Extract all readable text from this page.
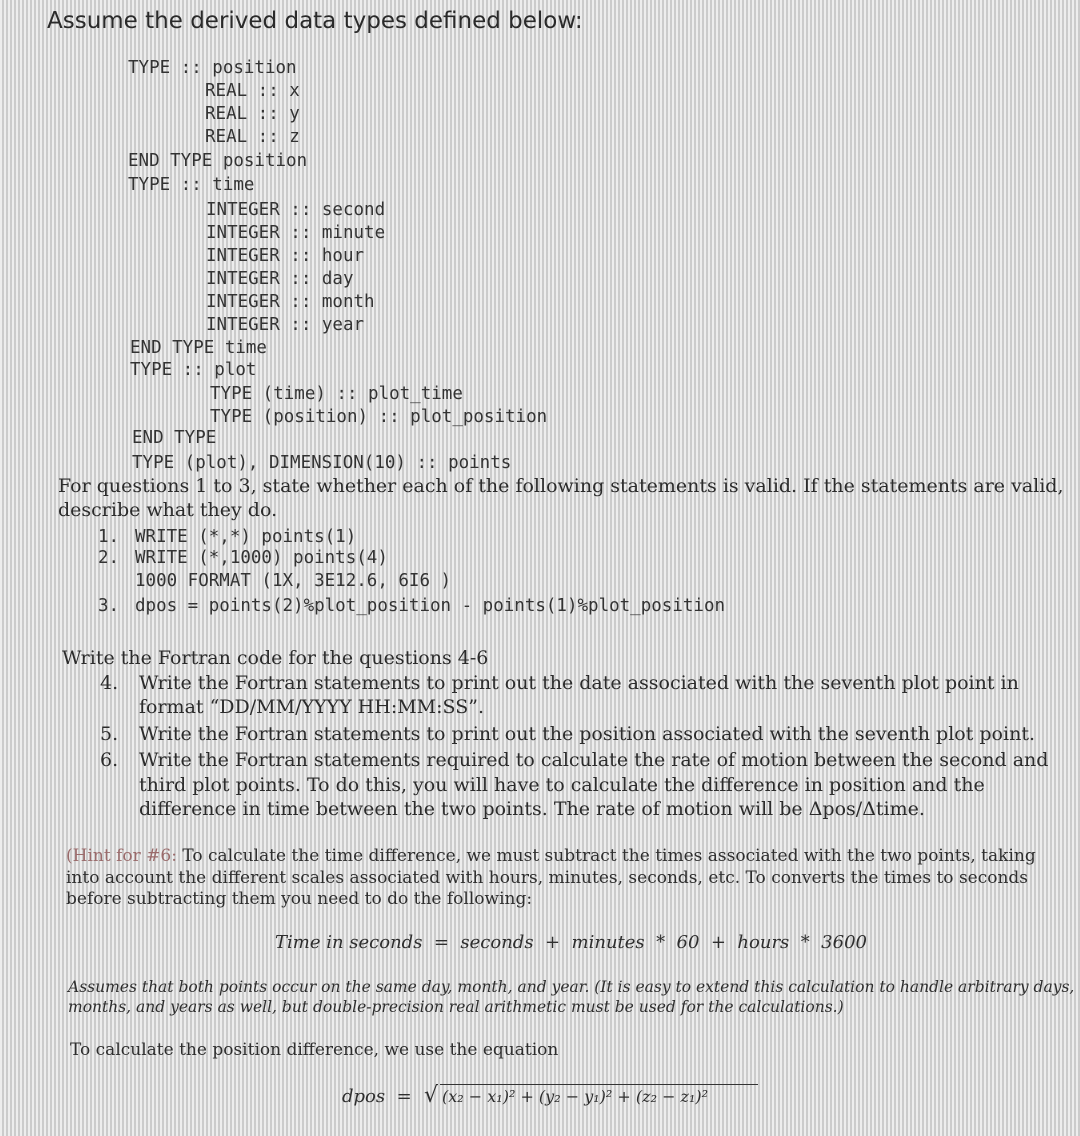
Assume the derived data types defined below:
TYPE :: position
REAL :: x
REAL :: y
REAL :: z
END TYPE position
TYPE :: time
INTEGER :: second
INTEGER :: minute
INTEGER :: hour
INTEGER :: day
INTEGER :: month
INTEGER :: year
END TYPE time
TYPE :: plot
TYPE (time) :: plot_time
TYPE (position) :: plot_position
END TYPE
TYPE (plot), DIMENSION(10) :: points
For questions 1 to 3, state whether each of the following statements is valid. If the statements are valid,
describe what they do.
1. WRITE (*,*) points(1)
2. WRITE (*,1000) points(4)
1000 FORMAT (1X, 3E12.6, 6I6 )
3. dpos = points(2)%plot_position - points(1)%plot_position
Write the Fortran code for the questions 4-6
4. Write the Fortran statements to print out the date associated with the seventh plot point in
format “DD/MM/YYYY HH:MM:SS”.
5. Write the Fortran statements to print out the position associated with the seventh plot point.
6. Write the Fortran statements required to calculate the rate of motion between the second and
third plot points. To do this, you will have to calculate the difference in position and the
difference in time between the two points. The rate of motion will be Δpos/Δtime.
(Hint for #6: To calculate the time difference, we must subtract the times associated with the two points, taking
into account the different scales associated with hours, minutes, seconds, etc. To converts the times to seconds
before subtracting them you need to do the following:
Time in seconds  =  seconds  +  minutes  *  60  +  hours  *  3600
Assumes that both points occur on the same day, month, and year. (It is easy to extend this calculation to handle arbitrary days,
months, and years as well, but double-precision real arithmetic must be used for the calculations.)
To calculate the position difference, we use the equation
dpos  = √ (x₂ − x₁)² + (y₂ − y₁)² + (z₂ − z₁)²
